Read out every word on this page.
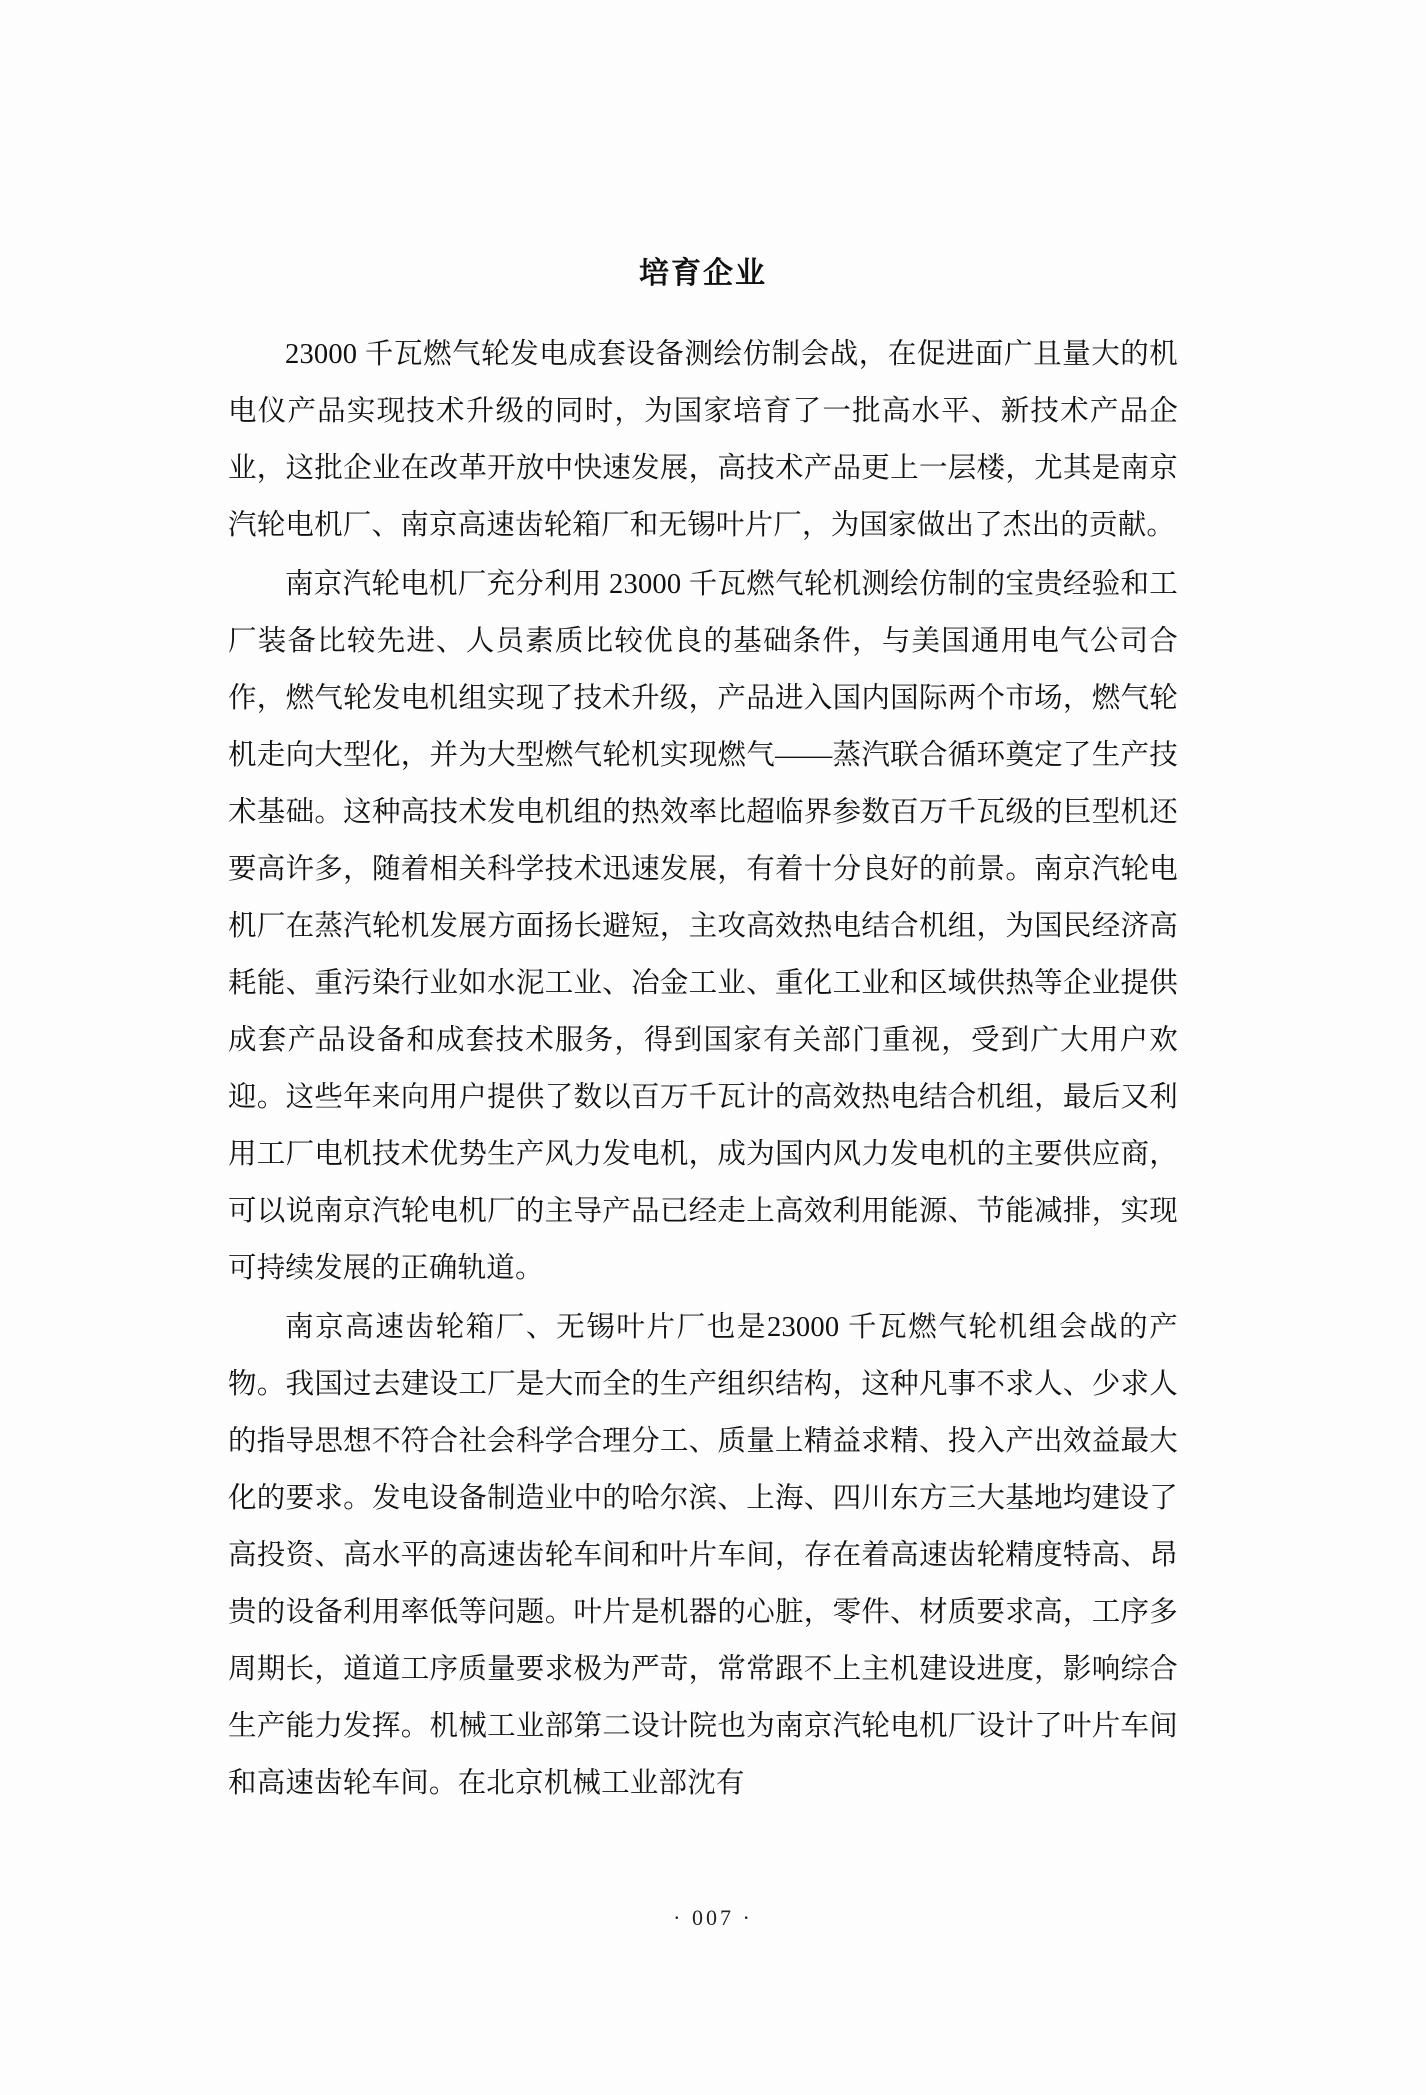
培育企业

23000 千瓦燃气轮发电成套设备测绘仿制会战，在促进面广且量大的机电仪产品实现技术升级的同时，为国家培育了一批高水平、新技术产品企业，这批企业在改革开放中快速发展，高技术产品更上一层楼，尤其是南京汽轮电机厂、南京高速齿轮箱厂和无锡叶片厂，为国家做出了杰出的贡献。

南京汽轮电机厂充分利用 23000 千瓦燃气轮机测绘仿制的宝贵经验和工厂装备比较先进、人员素质比较优良的基础条件，与美国通用电气公司合作，燃气轮发电机组实现了技术升级，产品进入国内国际两个市场，燃气轮机走向大型化，并为大型燃气轮机实现燃气——蒸汽联合循环奠定了生产技术基础。这种高技术发电机组的热效率比超临界参数百万千瓦级的巨型机还要高许多，随着相关科学技术迅速发展，有着十分良好的前景。南京汽轮电机厂在蒸汽轮机发展方面扬长避短，主攻高效热电结合机组，为国民经济高耗能、重污染行业如水泥工业、冶金工业、重化工业和区域供热等企业提供成套产品设备和成套技术服务，得到国家有关部门重视，受到广大用户欢迎。这些年来向用户提供了数以百万千瓦计的高效热电结合机组，最后又利用工厂电机技术优势生产风力发电机，成为国内风力发电机的主要供应商，可以说南京汽轮电机厂的主导产品已经走上高效利用能源、节能减排，实现可持续发展的正确轨道。

南京高速齿轮箱厂、无锡叶片厂也是23000 千瓦燃气轮机组会战的产物。我国过去建设工厂是大而全的生产组织结构，这种凡事不求人、少求人的指导思想不符合社会科学合理分工、质量上精益求精、投入产出效益最大化的要求。发电设备制造业中的哈尔滨、上海、四川东方三大基地均建设了高投资、高水平的高速齿轮车间和叶片车间，存在着高速齿轮精度特高、昂贵的设备利用率低等问题。叶片是机器的心脏，零件、材质要求高，工序多周期长，道道工序质量要求极为严苛，常常跟不上主机建设进度，影响综合生产能力发挥。机械工业部第二设计院也为南京汽轮电机厂设计了叶片车间和高速齿轮车间。在北京机械工业部沈有

· 007 ·
